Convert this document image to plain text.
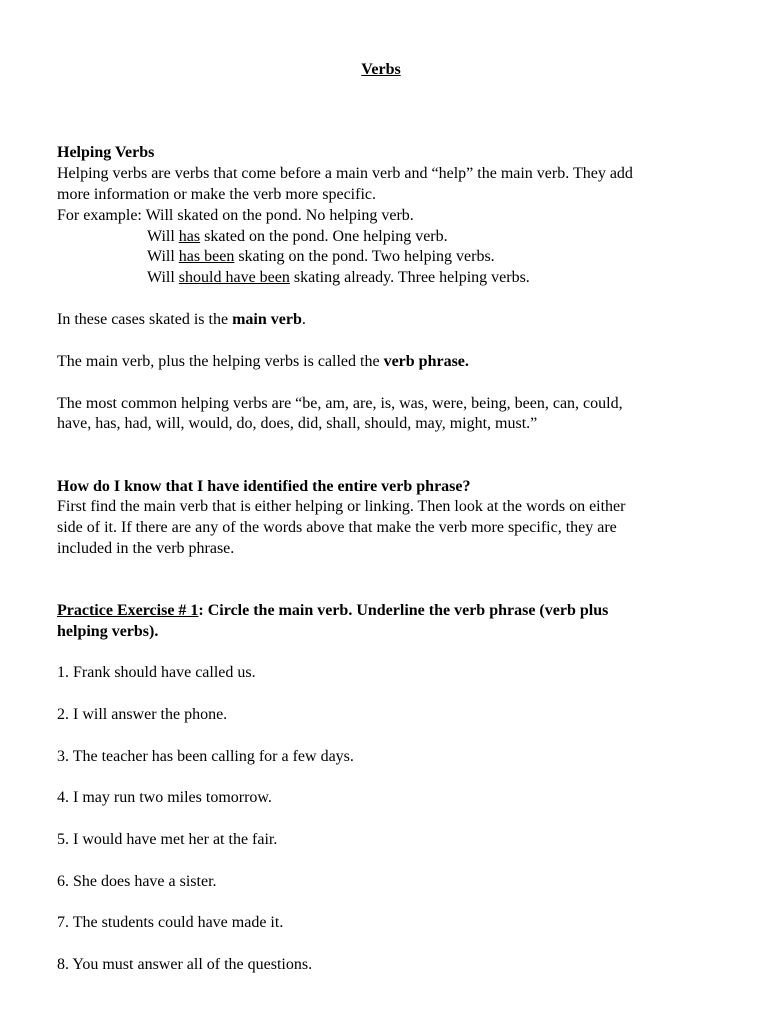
Verbs
Helping Verbs
Helping verbs are verbs that come before a main verb and “help” the main verb. They add
more information or make the verb more specific.
For example: Will skated on the pond. No helping verb.
Will has skated on the pond. One helping verb.
Will has been skating on the pond. Two helping verbs.
Will should have been skating already. Three helping verbs.
In these cases skated is the main verb.
The main verb, plus the helping verbs is called the verb phrase.
The most common helping verbs are “be, am, are, is, was, were, being, been, can, could,
have, has, had, will, would, do, does, did, shall, should, may, might, must.”
How do I know that I have identified the entire verb phrase?
First find the main verb that is either helping or linking. Then look at the words on either
side of it. If there are any of the words above that make the verb more specific, they are
included in the verb phrase.
Practice Exercise # 1: Circle the main verb. Underline the verb phrase (verb plus
helping verbs).
1. Frank should have called us.
2. I will answer the phone.
3. The teacher has been calling for a few days.
4. I may run two miles tomorrow.
5. I would have met her at the fair.
6. She does have a sister.
7. The students could have made it.
8. You must answer all of the questions.
